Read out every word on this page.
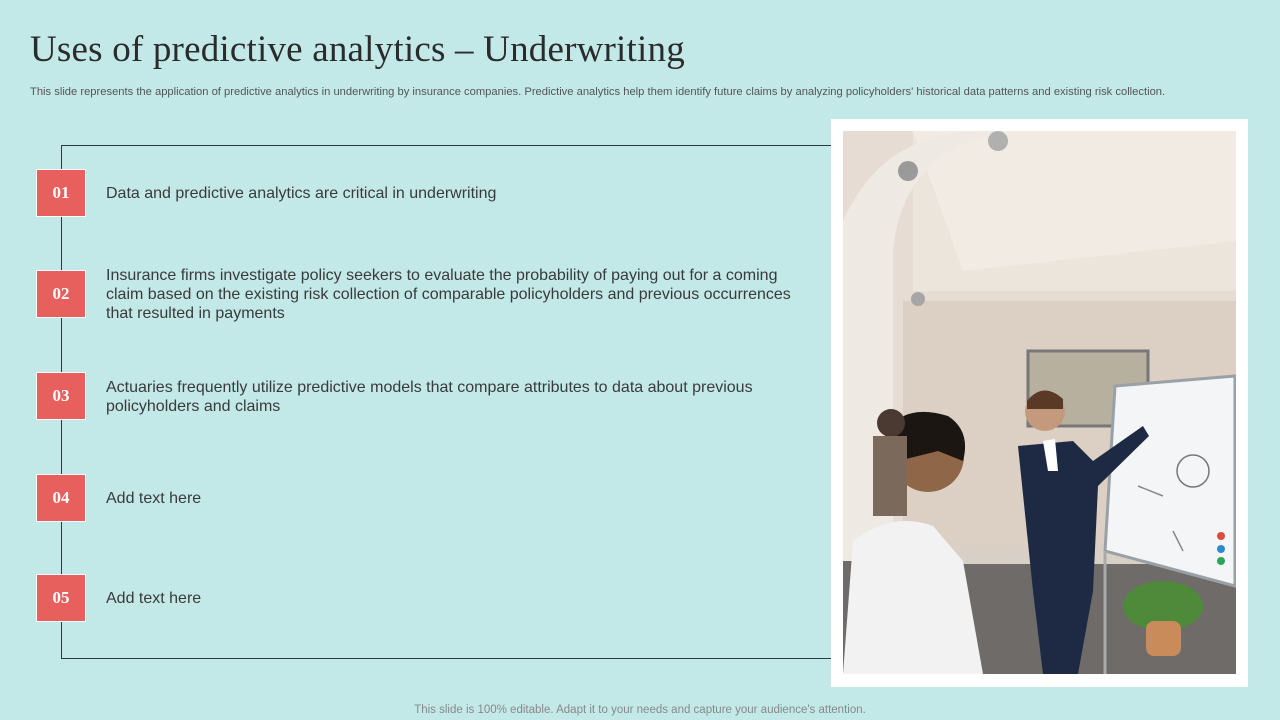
Uses of predictive analytics – Underwriting
This slide represents the application of predictive analytics in underwriting by insurance companies. Predictive analytics help them identify future claims by analyzing policyholders' historical data patterns and existing risk collection.
01	Data and predictive analytics are critical in underwriting
02
Insurance firms investigate policy seekers to evaluate the probability of paying out for a coming claim based on the existing risk collection of comparable policyholders and previous occurrences that resulted in payments
03	Actuaries frequently utilize predictive models that compare attributes to data about previous policyholders and claims
04	Add text here
05	Add text here
This slide is 100% editable. Adapt it to your needs and capture your audience's attention.
